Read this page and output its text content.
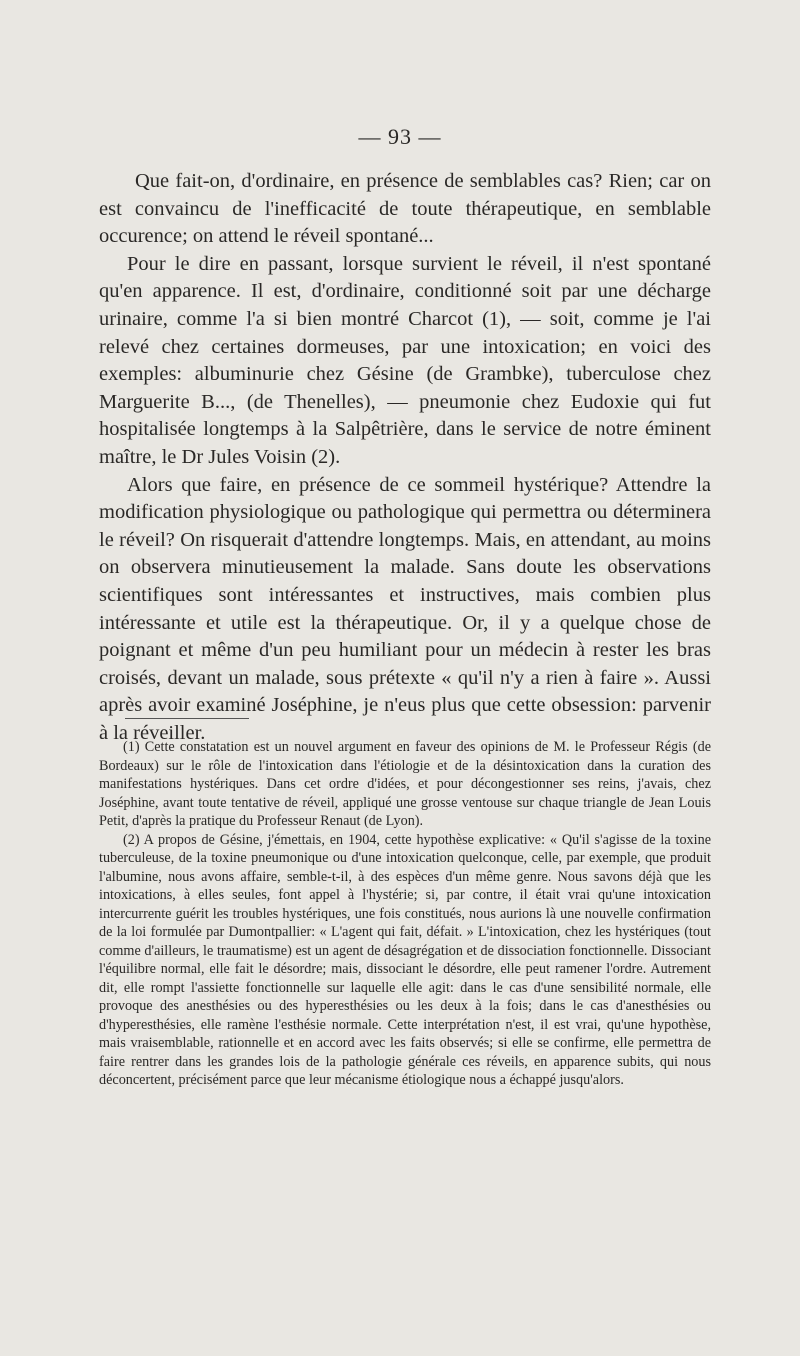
— 93 —

Que fait-on, d'ordinaire, en présence de semblables cas? Rien; car on est convaincu de l'inefficacité de toute thérapeutique, en semblable occurence; on attend le réveil spontané...

Pour le dire en passant, lorsque survient le réveil, il n'est spontané qu'en apparence. Il est, d'ordinaire, conditionné soit par une décharge urinaire, comme l'a si bien montré Charcot (1), — soit, comme je l'ai relevé chez certaines dormeuses, par une intoxication; en voici des exemples: albuminurie chez Gésine (de Grambke), tuberculose chez Marguerite B..., (de Thenelles), — pneumonie chez Eudoxie qui fut hospitalisée longtemps à la Salpêtrière, dans le service de notre éminent maître, le Dr Jules Voisin (2).

Alors que faire, en présence de ce sommeil hystérique? Attendre la modification physiologique ou pathologique qui permettra ou déterminera le réveil? On risquerait d'attendre longtemps. Mais, en attendant, au moins on observera minutieusement la malade. Sans doute les observations scientifiques sont intéressantes et instructives, mais combien plus intéressante et utile est la thérapeutique. Or, il y a quelque chose de poignant et même d'un peu humiliant pour un médecin à rester les bras croisés, devant un malade, sous prétexte « qu'il n'y a rien à faire ». Aussi après avoir examiné Joséphine, je n'eus plus que cette obsession: parvenir à la réveiller.

(1) Cette constatation est un nouvel argument en faveur des opinions de M. le Professeur Régis (de Bordeaux) sur le rôle de l'intoxication dans l'étiologie et de la désintoxication dans la curation des manifestations hystériques. Dans cet ordre d'idées, et pour décongestionner ses reins, j'avais, chez Joséphine, avant toute tentative de réveil, appliqué une grosse ventouse sur chaque triangle de Jean Louis Petit, d'après la pratique du Professeur Renaut (de Lyon).

(2) A propos de Gésine, j'émettais, en 1904, cette hypothèse explicative: « Qu'il s'agisse de la toxine tuberculeuse, de la toxine pneumonique ou d'une intoxication quelconque, celle, par exemple, que produit l'albumine, nous avons affaire, semble-t-il, à des espèces d'un même genre. Nous savons déjà que les intoxications, à elles seules, font appel à l'hystérie; si, par contre, il était vrai qu'une intoxication intercurrente guérit les troubles hystériques, une fois constitués, nous aurions là une nouvelle confirmation de la loi formulée par Dumontpallier: « L'agent qui fait, défait. » L'intoxication, chez les hystériques (tout comme d'ailleurs, le traumatisme) est un agent de désagrégation et de dissociation fonctionnelle. Dissociant l'équilibre normal, elle fait le désordre; mais, dissociant le désordre, elle peut ramener l'ordre. Autrement dit, elle rompt l'assiette fonctionnelle sur laquelle elle agit: dans le cas d'une sensibilité normale, elle provoque des anesthésies ou des hyperesthésies ou les deux à la fois; dans le cas d'anesthésies ou d'hyperesthésies, elle ramène l'esthésie normale. Cette interprétation n'est, il est vrai, qu'une hypothèse, mais vraisemblable, rationnelle et en accord avec les faits observés; si elle se confirme, elle permettra de faire rentrer dans les grandes lois de la pathologie générale ces réveils, en apparence subits, qui nous déconcertent, précisément parce que leur mécanisme étiologique nous a échappé jusqu'alors.
